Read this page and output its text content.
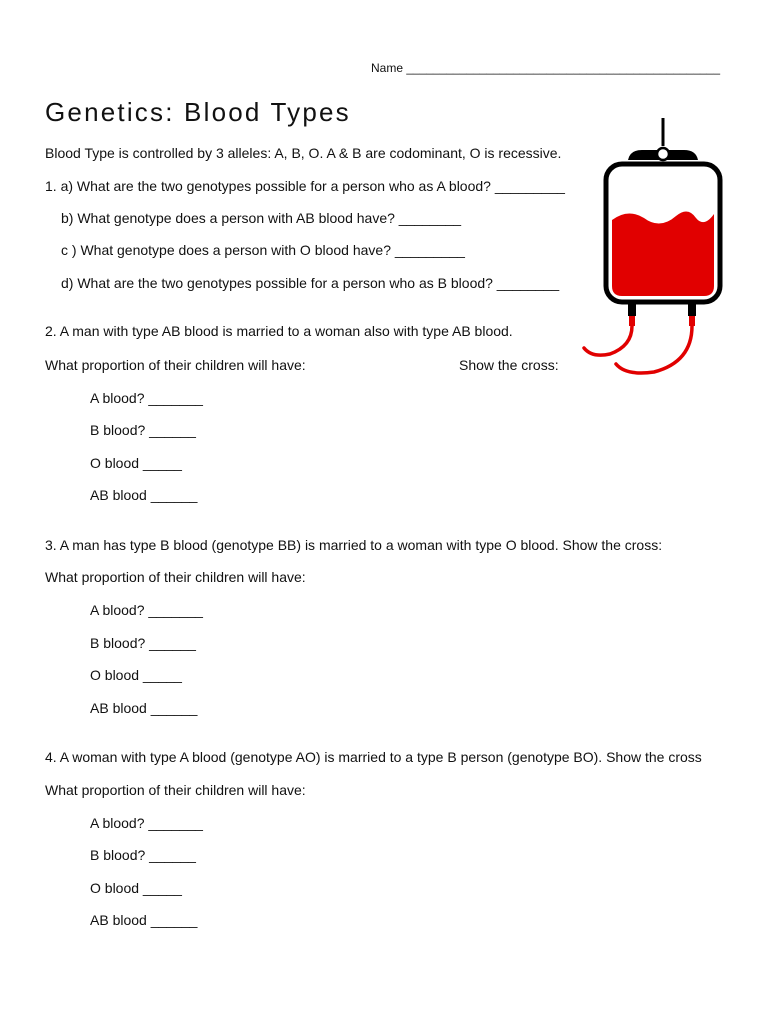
Name _______________________________________________
Genetics: Blood Types
Blood Type is controlled by 3 alleles: A, B, O. A & B are codominant, O is recessive.
1. a) What are the two genotypes possible for a person who as A blood? _________
b) What genotype does a person with AB blood have? ________
c ) What genotype does a person with O blood have? _________
d) What are the two genotypes possible for a person who as B blood? ________
2. A man with type AB blood is married to a woman also with type AB blood.
What proportion of their children will have:	Show the cross:
A blood? _______
B blood? ______
O blood _____
AB blood ______
3. A man has type B blood (genotype BB) is married to a woman with type O blood. Show the cross:
What proportion of their children will have:
A blood? _______
B blood? ______
O blood _____
AB blood ______
4. A woman with type A blood (genotype AO) is married to a type B person (genotype BO). Show the cross
What proportion of their children will have:
A blood? _______
B blood? ______
O blood _____
AB blood ______
